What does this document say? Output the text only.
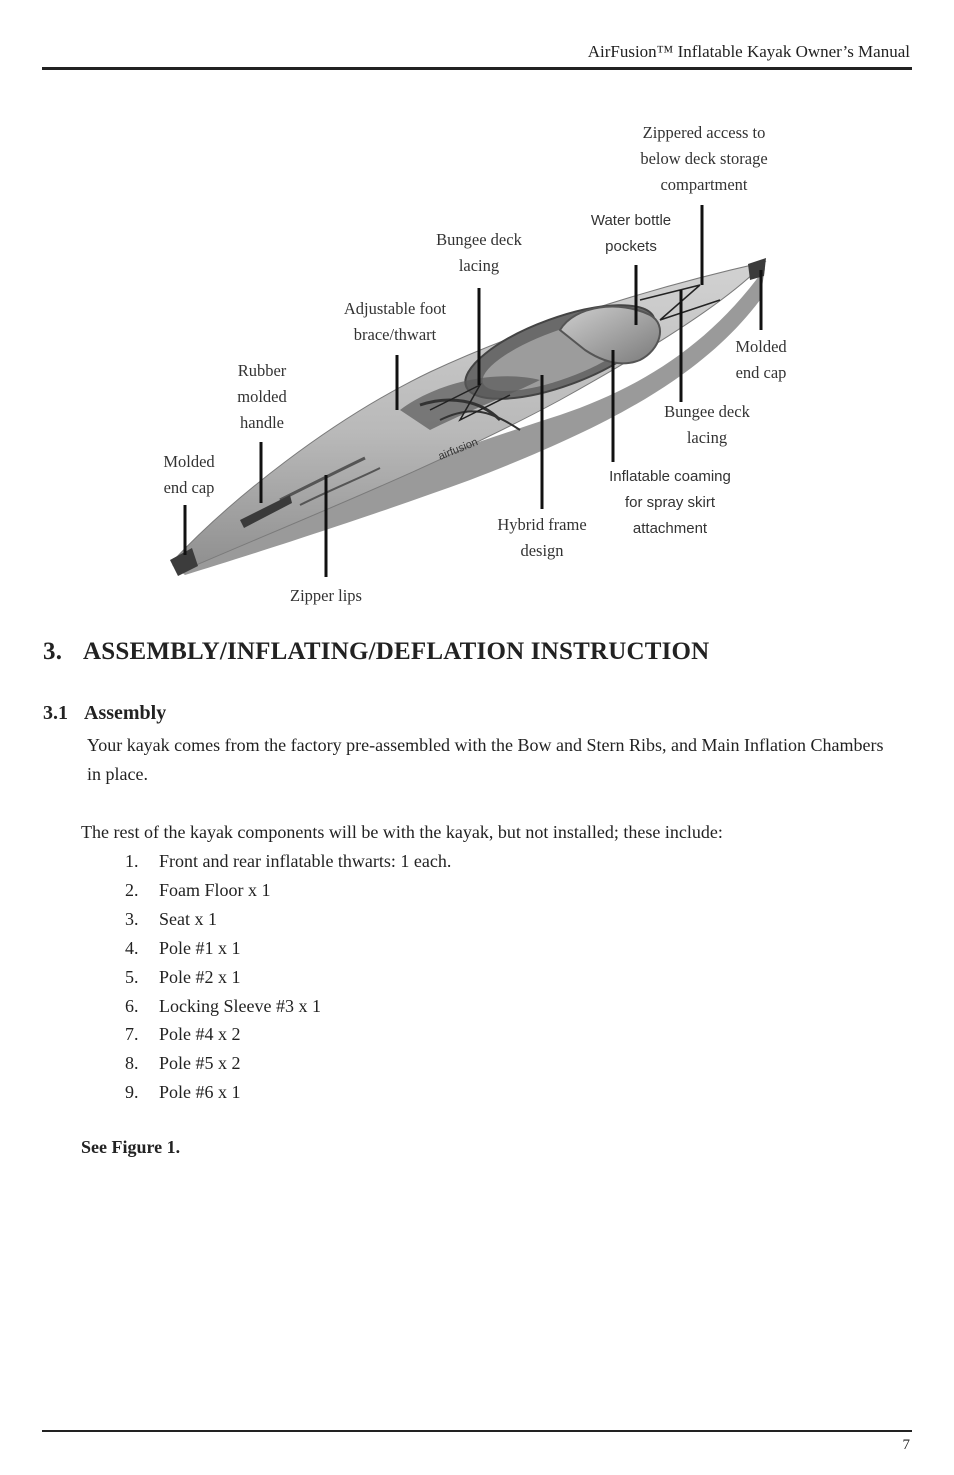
AirFusion™ Inflatable Kayak Owner’s Manual
airfusion
Zippered access to
below deck storage
compartment
Water bottle
pockets
Bungee deck
lacing
Adjustable foot
brace/thwart
Rubber
molded
handle
Molded
end cap
Bungee deck
lacing
Molded
end cap
Inflatable coaming
for spray skirt
attachment
Hybrid frame
design
Zipper lips
3. ASSEMBLY/INFLATING/DEFLATION INSTRUCTION
3.1 Assembly

Your kayak comes from the factory pre-assembled with the Bow and Stern Ribs, and Main Inflation Chambers in place.

The rest of the kayak components will be with the kayak, but not installed; these include:

1.	Front and rear inflatable thwarts: 1 each.
2.	Foam Floor x 1
3.	Seat x 1
4.	Pole #1 x 1
5.	Pole #2 x 1
6.	Locking Sleeve #3 x 1
7.	Pole #4 x 2
8.	Pole #5 x 2
9.	Pole #6 x 1

See Figure 1.

7
